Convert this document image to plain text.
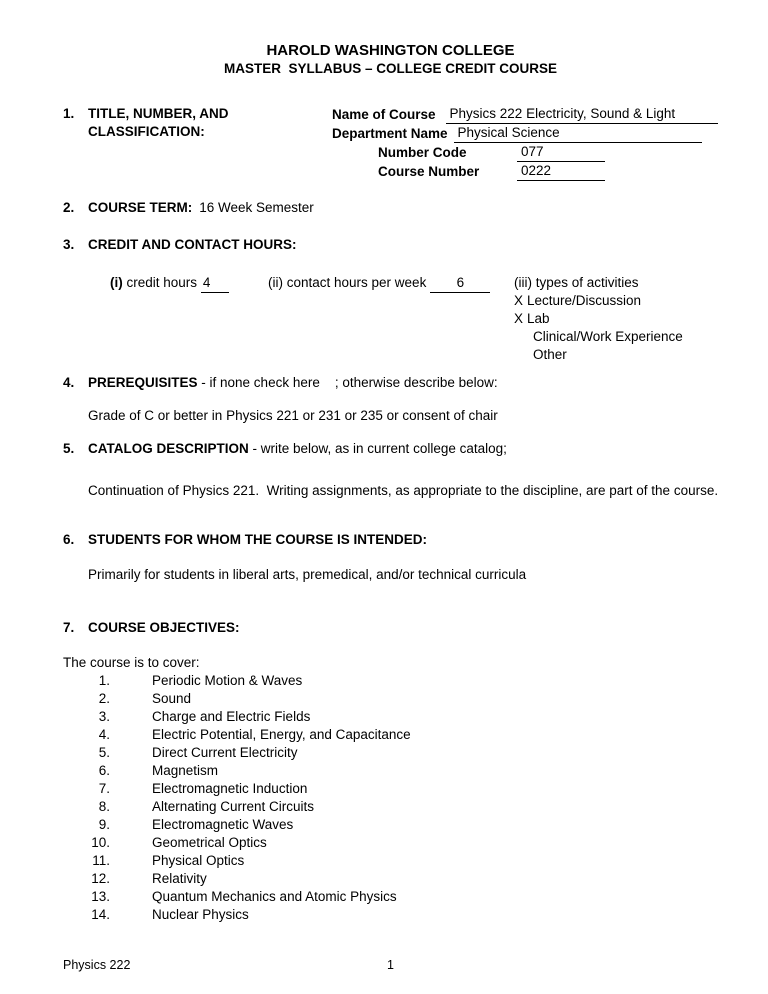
HAROLD WASHINGTON COLLEGE
MASTER  SYLLABUS – COLLEGE CREDIT COURSE
1. TITLE, NUMBER, AND
CLASSIFICATION:
Name of Course Physics 222 Electricity, Sound & Light
Department Name Physical Science
Number Code	077
Course Number	0222
2. COURSE TERM: 16 Week Semester
3. CREDIT AND CONTACT HOURS:
(i) credit hours 4	(ii) contact hours per week 6	(iii) types of activities
X Lecture/Discussion
X Lab
Clinical/Work Experience
Other
4. PREREQUISITES - if none check here    ; otherwise describe below:
Grade of C or better in Physics 221 or 231 or 235 or consent of chair
5. CATALOG DESCRIPTION - write below, as in current college catalog;
Continuation of Physics 221.  Writing assignments, as appropriate to the discipline, are part of the course.
6. STUDENTS FOR WHOM THE COURSE IS INTENDED:
Primarily for students in liberal arts, premedical, and/or technical curricula
7. COURSE OBJECTIVES:
The course is to cover:
1.	Periodic Motion & Waves
2.	Sound
3.	Charge and Electric Fields
4.	Electric Potential, Energy, and Capacitance
5.	Direct Current Electricity
6.	Magnetism
7.	Electromagnetic Induction
8.	Alternating Current Circuits
9.	Electromagnetic Waves
10.	Geometrical Optics
11.	Physical Optics
12.	Relativity
13.	Quantum Mechanics and Atomic Physics
14.	Nuclear Physics
Physics 222	1
